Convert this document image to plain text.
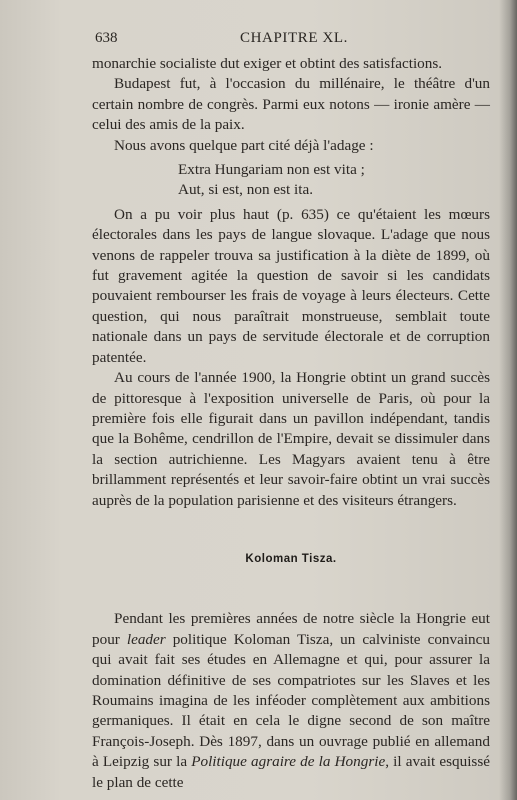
638	CHAPITRE XL.

monarchie socialiste dut exiger et obtint des satisfactions.

Budapest fut, à l'occasion du millénaire, le théâtre d'un certain nombre de congrès. Parmi eux notons — ironie amère — celui des amis de la paix.

Nous avons quelque part cité déjà l'adage :

Extra Hungariam non est vita ;

Aut, si est, non est ita.

On a pu voir plus haut (p. 635) ce qu'étaient les mœurs électorales dans les pays de langue slovaque. L'adage que nous venons de rappeler trouva sa justification à la diète de 1899, où fut gravement agitée la question de savoir si les candidats pouvaient rembourser les frais de voyage à leurs électeurs. Cette question, qui nous paraîtrait monstrueuse, semblait toute nationale dans un pays de servitude électorale et de corruption patentée.

Au cours de l'année 1900, la Hongrie obtint un grand succès de pittoresque à l'exposition universelle de Paris, où pour la première fois elle figurait dans un pavillon indépendant, tandis que la Bohême, cendrillon de l'Empire, devait se dissimuler dans la section autrichienne. Les Magyars avaient tenu à être brillamment représentés et leur savoir-faire obtint un vrai succès auprès de la population parisienne et des visiteurs étrangers.

Koloman Tisza.

Pendant les premières années de notre siècle la Hongrie eut pour leader politique Koloman Tisza, un calviniste convaincu qui avait fait ses études en Allemagne et qui, pour assurer la domination définitive de ses compatriotes sur les Slaves et les Roumains imagina de les inféoder complètement aux ambitions germaniques. Il était en cela le digne second de son maître François-Joseph. Dès 1897, dans un ouvrage publié en allemand à Leipzig sur la Politique agraire de la Hongrie, il avait esquissé le plan de cette
